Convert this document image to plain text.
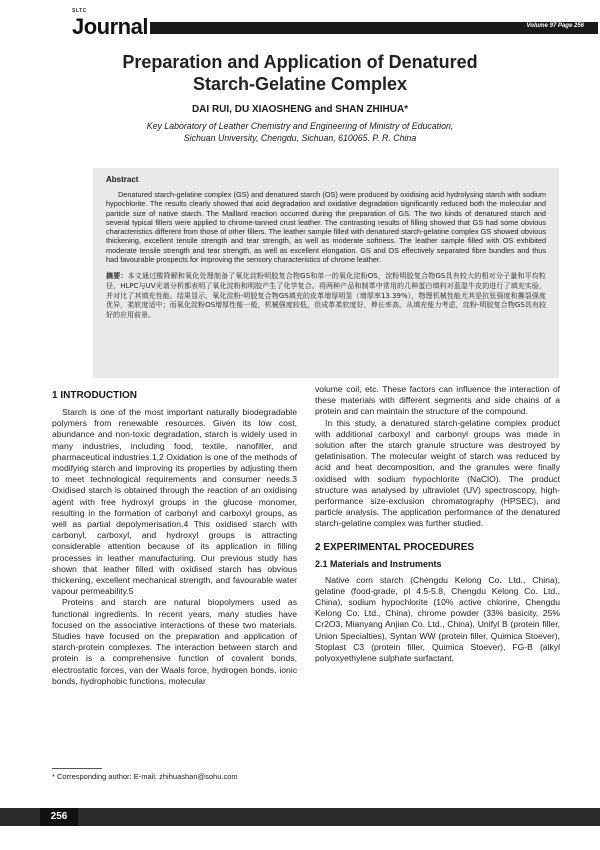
SLTC
Journal	Volume 97 Page 256
Preparation and Application of Denatured
Starch-Gelatine Complex
DAI RUI, DU XIAOSHENG and SHAN ZHIHUA*
Key Laboratory of Leather Chemistry and Engineering of Ministry of Education,
Sichuan University, Chengdu, Sichuan, 610065. P. R. China
Abstract
Denatured starch-gelatine complex (GS) and denatured starch (OS) were produced by oxidising acid hydrolysing starch with sodium hypochlorite. The results clearly showed that acid degradation and oxidative degradation significantly reduced both the molecular and particle size of native starch. The Maillard reaction occurred during the preparation of GS. The two kinds of denatured starch and several typical fillers were applied to chrome-tanned crust leather. The contrasting results of filling showed that GS had some obvious characteristics different from those of other fillers. The leather sample filled with denatured starch-gelatine complex GS showed obvious thickening, excellent tensile strength and tear strength, as well as moderate softness. The leather sample filled with OS exhibited moderate tensile strength and tear strength, as well as excellent elongation. GS and OS effectively separated fibre bundles and thus had favourable prospects for improving the sensory characteristics of chrome leather.
摘要：本文通过酸降解和氧化处理制备了氧化淀粉明胶复合物GS和单一的氧化淀粉OS，淀粉明胶复合物GS具有较大的相对分子量和平均粒径，HLPC与UV光谱分析都表明了氧化淀粉和明胶产生了化学复合。将两种产品和制革中常用的几种蛋白填料对蓝湿牛皮的进行了填充实验，并对比了其填充性能。结果显示，氧化淀粉-明胶复合物GS填充的皮革增厚明显（增厚率13.39%），物理机械性能尤其是抗张强度和撕裂强度优异，柔软度适中；而氧化淀粉OS增厚性能一般，机械强度较低，但成革柔软度好，伸长率高。从填充能力考虑，淀粉-明胶复合物GS具有较好的应用前景。
1 INTRODUCTION

Starch is one of the most important naturally biodegradable polymers from renewable resources. Given its low cost, abundance and non-toxic degradation, starch is widely used in many industries, including food, textile, nanofiller, and pharmaceutical industries.1,2 Oxidation is one of the methods of modifying starch and improving its properties by adjusting them to meet technological requirements and consumer needs.3 Oxidised starch is obtained through the reaction of an oxidising agent with free hydroxyl groups in the glucose monomer, resulting in the formation of carbonyl and carboxyl groups, as well as partial depolymerisation.4 This oxidised starch with carbonyl, carboxyl, and hydroxyl groups is attracting considerable attention because of its application in filling processes in leather manufacturing. Our previous study has shown that leather filled with oxidised starch has obvious thickening, excellent mechanical strength, and favourable water vapour permeability.5

Proteins and starch are natural biopolymers used as functional ingredients. In recent years, many studies have focused on the associative interactions of these two materials. Studies have focused on the preparation and application of starch-protein complexes. The interaction between starch and protein is a comprehensive function of covalent bonds, electrostatic forces, van der Waals force, hydrogen bonds, ionic bonds, hydrophobic functions, molecular

volume coil, etc. These factors can influence the interaction of these materials with different segments and side chains of a protein and can maintain the structure of the compound.

In this study, a denatured starch-gelatine complex product with additional carboxyl and carbonyl groups was made in solution after the starch granule structure was destroyed by gelatinisation. The molecular weight of starch was reduced by acid and heat decomposition, and the granules were finally oxidised with sodium hypochlorite (NaClO). The product structure was analysed by ultraviolet (UV) spectroscopy, high-performance size-exclusion chromatography (HPSEC), and particle analysis. The application performance of the denatured starch-gelatine complex was further studied.

2 EXPERIMENTAL PROCEDURES
2.1 Materials and Instruments

Native corn starch (Chengdu Kelong Co. Ltd., China), gelatine (food-grade, pI 4.5-5.8, Chengdu Kelong Co. Ltd., China), sodium hypochlorite (10% active chlorine, Chengdu Kelong Co. Ltd., China), chrome powder (33% basicity, 25% Cr2O3, Mianyang Anjian Co. Ltd., China), Unifyl B (protein filler, Union Specialties), Syntan WW (protein filler, Quimica Stoever), Stoplast C3 (protein filler, Quimica Stoever), FG-B (alkyl polyoxyethylene sulphate surfactant,

* Corresponding author: E-mail: zhihuashan@sohu.com
256
